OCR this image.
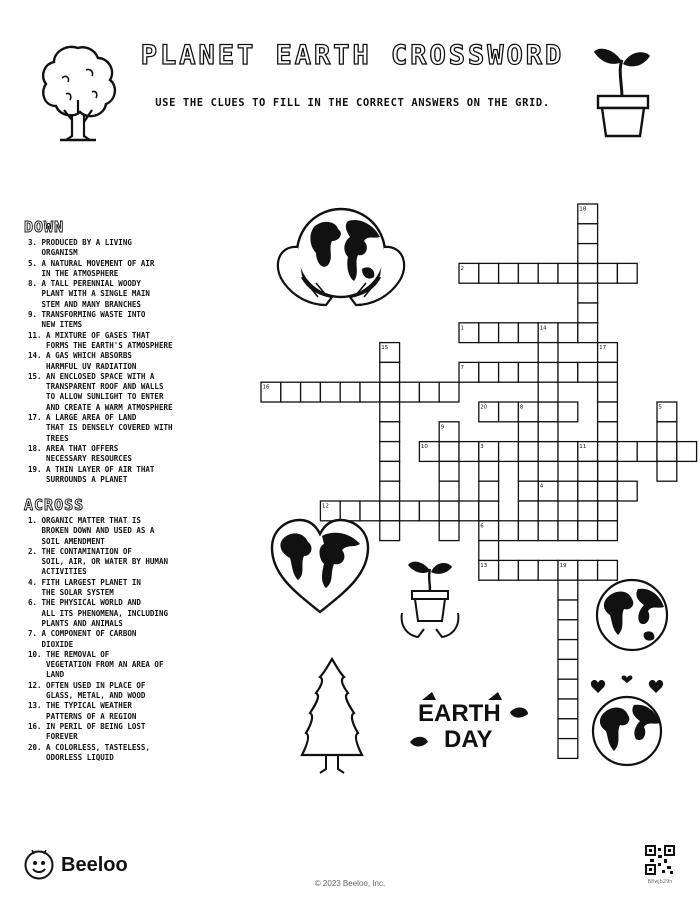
PLANET EARTH CROSSWORD
USE THE CLUES TO FILL IN THE CORRECT ANSWERS ON THE GRID.
DOWN
3. PRODUCED BY A LIVING
ORGANISM
5. A NATURAL MOVEMENT OF AIR
IN THE ATMOSPHERE
8. A TALL PERENNIAL WOODY
PLANT WITH A SINGLE MAIN
STEM AND MANY BRANCHES
9. TRANSFORMING WASTE INTO
NEW ITEMS
11. A MIXTURE OF GASES THAT
FORMS THE EARTH'S ATMOSPHERE
14. A GAS WHICH ABSORBS
HARMFUL UV RADIATION
15. AN ENCLOSED SPACE WITH A
TRANSPARENT ROOF AND WALLS
TO ALLOW SUNLIGHT TO ENTER
AND CREATE A WARM ATMOSPHERE
17. A LARGE AREA OF LAND
THAT IS DENSELY COVERED WITH
TREES
18. AREA THAT OFFERS
NECESSARY RESOURCES
19. A THIN LAYER OF AIR THAT
SURROUNDS A PLANET
ACROSS
1. ORGANIC MATTER THAT IS
BROKEN DOWN AND USED AS A
SOIL AMENDMENT
2. THE CONTAMINATION OF
SOIL, AIR, OR WATER BY HUMAN
ACTIVITIES
4. FITH LARGEST PLANET IN
THE SOLAR SYSTEM
6. THE PHYSICAL WORLD AND
ALL ITS PHENOMENA, INCLUDING
PLANTS AND ANIMALS
7. A COMPONENT OF CARBON
DIOXIDE
10. THE REMOVAL OF
VEGETATION FROM AN AREA OF
LAND
12. OFTEN USED IN PLACE OF
GLASS, METAL, AND WOOD
13. THE TYPICAL WEATHER
PATTERNS OF A REGION
16. IN PERIL OF BEING LOST
FOREVER
20. A COLORLESS, TASTELESS,
ODORLESS LIQUID
18
2
1	14
15	17
7
16
20	8	5
9
10	3	11
4
12
6
13	19
EARTH
DAY
Beeloo
© 2023 Beeloo, Inc.	B8wjb29n
